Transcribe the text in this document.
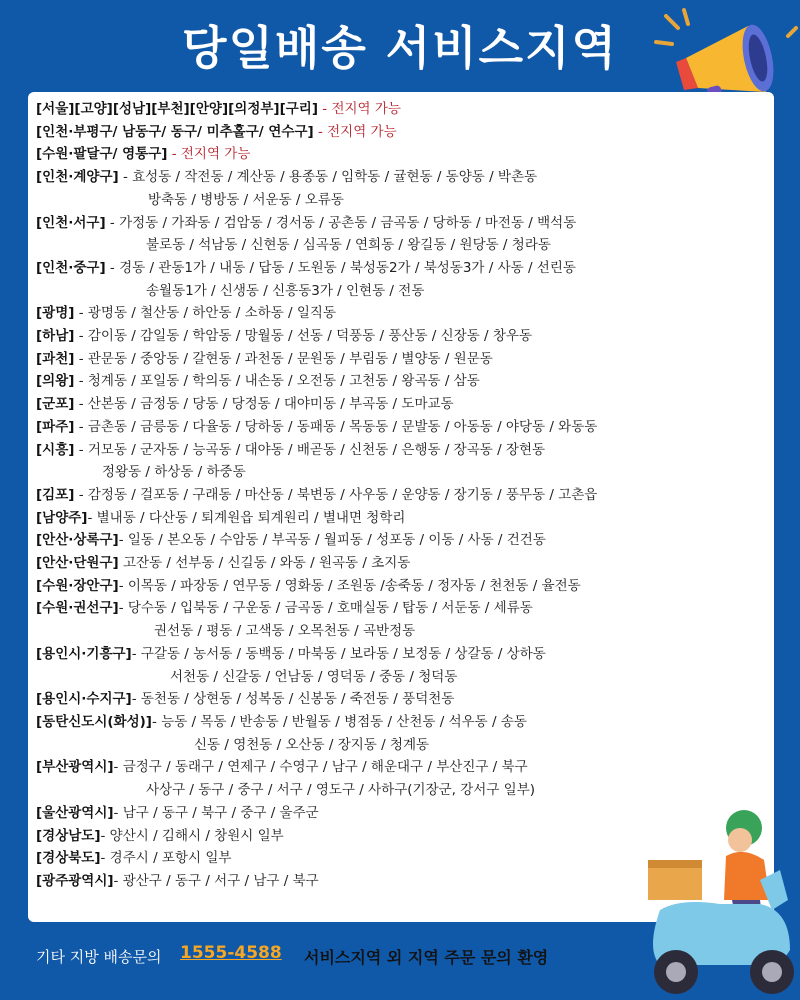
당일배송 서비스지역
[서울][고양][성남][부천][안양][의정부][구리] - 전지역 가능
[인천·부평구/ 남동구/ 동구/ 미추홀구/ 연수구] - 전지역 가능
[수원·팔달구/ 영통구] - 전지역 가능
[인천·계양구] - 효성동 / 작전동 / 계산동 / 용종동 / 임학동 / 귤현동 / 동양동 / 박촌동
방축동 / 병방동 / 서운동 / 오류동
[인천·서구] - 가정동 / 가좌동 / 검암동 / 경서동 / 공촌동 / 금곡동 / 당하동 / 마전동 / 백석동
불로동 / 석남동 / 신현동 / 심곡동 / 연희동 / 왕길동 / 원당동 / 청라동
[인천·중구] - 경동 / 관동1가 / 내동 / 답동 / 도원동 / 북성동2가 / 북성동3가 / 사동 / 선린동
송월동1가 / 신생동 / 신흥동3가 / 인현동 / 전동
[광명] - 광명동 / 철산동 / 하안동 / 소하동 / 일직동
[하남] - 감이동 / 감일동 / 학암동 / 망월동 / 선동 / 덕풍동 / 풍산동 / 신장동 / 창우동
[과천] - 관문동 / 중앙동 / 갈현동 / 과천동 / 문원동 / 부림동 / 별양동 / 원문동
[의왕] - 청계동 / 포일동 / 학의동 / 내손동 / 오전동 / 고천동 / 왕곡동 / 삼동
[군포] - 산본동 / 금정동 / 당동 / 당정동 / 대야미동 / 부곡동 / 도마교동
[파주] - 금촌동 / 금릉동 / 다율동 / 당하동 / 동패동 / 목동동 / 문발동 / 아동동 / 야당동 / 와동동
[시흥] - 거모동 / 군자동 / 능곡동 / 대야동 / 배곧동 / 신천동 / 은행동 / 장곡동 / 장현동
정왕동 / 하상동 / 하중동
[김포] - 감정동 / 걸포동 / 구래동 / 마산동 / 북변동 / 사우동 / 운양동 / 장기동 / 풍무동 / 고촌읍
[남양주]- 별내동 / 다산동 / 퇴계원읍 퇴계원리 / 별내면 청학리
[안산·상록구]- 일동 / 본오동 / 수암동 / 부곡동 / 월피동 / 성포동 / 이동 / 사동 / 건건동
[안산·단원구] 고잔동 / 선부동 / 신길동 / 와동 / 원곡동 / 초지동
[수원·장안구]- 이목동 / 파장동 / 연무동 / 영화동 / 조원동 /송죽동 / 정자동 / 천천동 / 율전동
[수원·권선구]- 당수동 / 입북동 / 구운동 / 금곡동 / 호매실동 / 탑동 / 서둔동 / 세류동
권선동 / 평동 / 고색동 / 오목천동 / 곡반정동
[용인시·기흥구]- 구갈동 / 농서동 / 동백동 / 마북동 / 보라동 / 보정동 / 상갈동 / 상하동
서천동 / 신갈동 / 언남동 / 영덕동 / 중동 / 청덕동
[용인시·수지구]- 동천동 / 상현동 / 성복동 / 신봉동 / 죽전동 / 풍덕천동
[동탄신도시(화성)]- 능동 / 목동 / 반송동 / 반월동 / 병점동 / 산천동 / 석우동 / 송동
신동 / 영천동 / 오산동 / 장지동 / 청계동
[부산광역시]- 금정구 / 동래구 / 연제구 / 수영구 / 남구 / 해운대구 / 부산진구 / 북구
사상구 / 동구 / 중구 / 서구 / 영도구 / 사하구(기장군, 강서구 일부)
[울산광역시]- 남구 / 동구 / 북구 / 중구 / 울주군
[경상남도]- 양산시 / 김해시 / 창원시 일부
[경상북도]- 경주시 / 포항시 일부
[광주광역시]- 광산구 / 동구 / 서구 / 남구 / 북구
기타 지방 배송문의 1555-4588 서비스지역 외 지역 주문 문의 환영
